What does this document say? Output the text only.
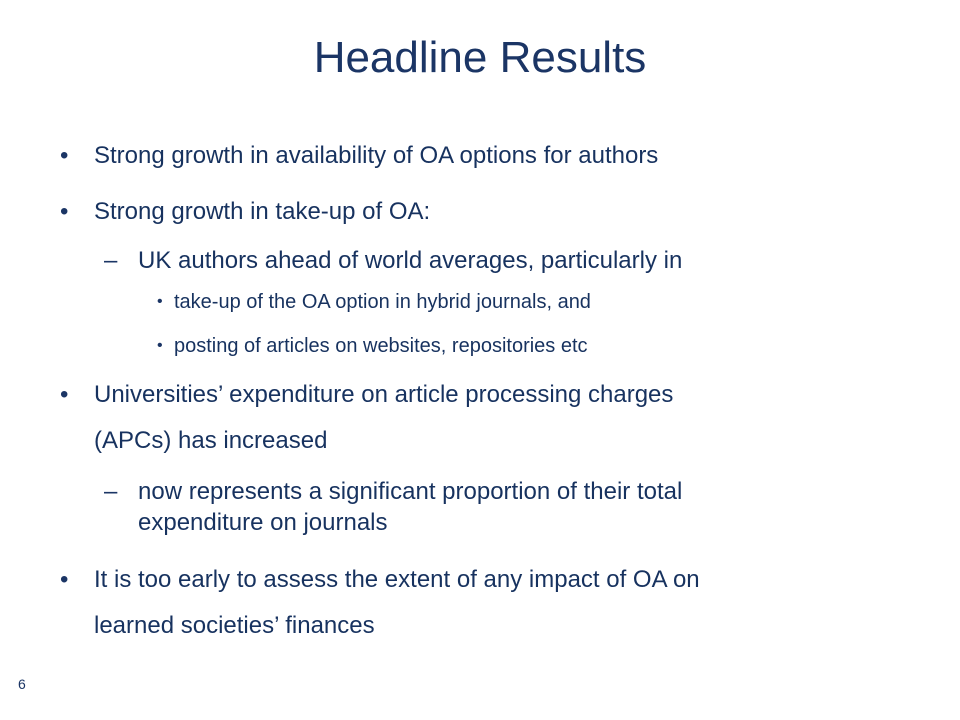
Headline Results
• Strong growth in availability of OA options for authors
• Strong growth in take-up of OA:
– UK authors ahead of world averages, particularly in
• take-up of the OA option in hybrid journals, and
• posting of articles on websites, repositories etc
• Universities’ expenditure on article processing charges
(APCs) has increased
– now represents a significant proportion of their total
expenditure on journals
• It is too early to assess the extent of any impact of OA on
learned societies’ finances
6
